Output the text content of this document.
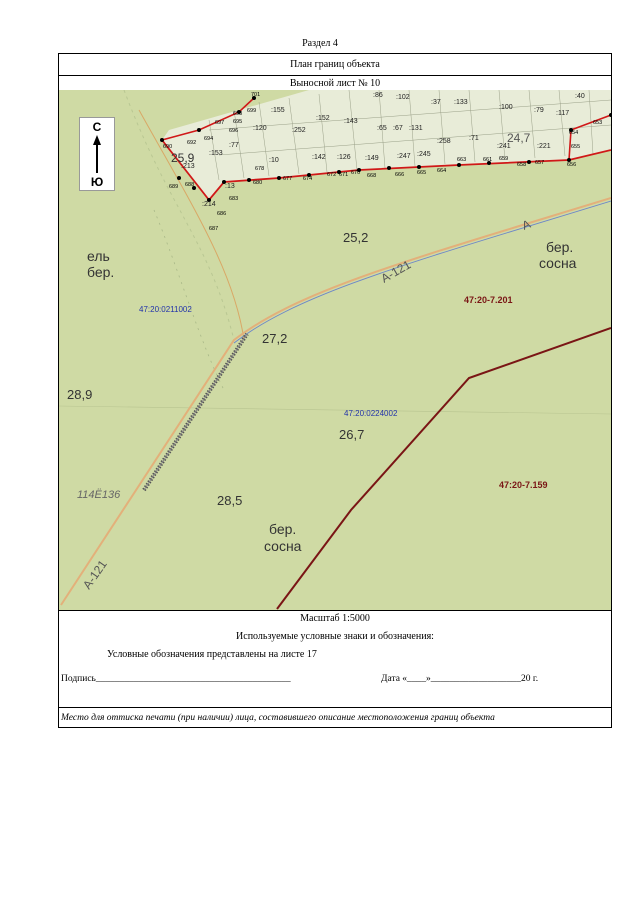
Раздел 4
План границ объекта
Выносной лист № 10
25,9
24,7
25,2
27,2
28,9
26,7
28,5
114Ё136
ель
бер.
бер.
сосна
бер.
сосна
47:20:0211002
47:20:0224002
47:20-7.201
47:20-7.159
А-121
А
А-121
:102
:86
:37 :133
:100	:79 :117
:40
:155
:120
:152 :143
:65 :67 :131
:77
:252
:258	:71
:241	:221
:153
:142 :126 :149	:247 :245
:213
:10
:13
:214
701
698 699
697 695
696
694
690
692
689 688
683
686
687
678
680
677 674
672 671 670 668	666 665 664
663	661 659
658 657	656
655
654
653
С
Ю
Масштаб 1:5000
Используемые условные знаки и обозначения:
Условные обозначения представлены на листе 17
Подпись_________________________________________	Дата «____»___________________20 г.
Место для оттиска печати (при наличии) лица, составившего описание местоположения границ объекта
